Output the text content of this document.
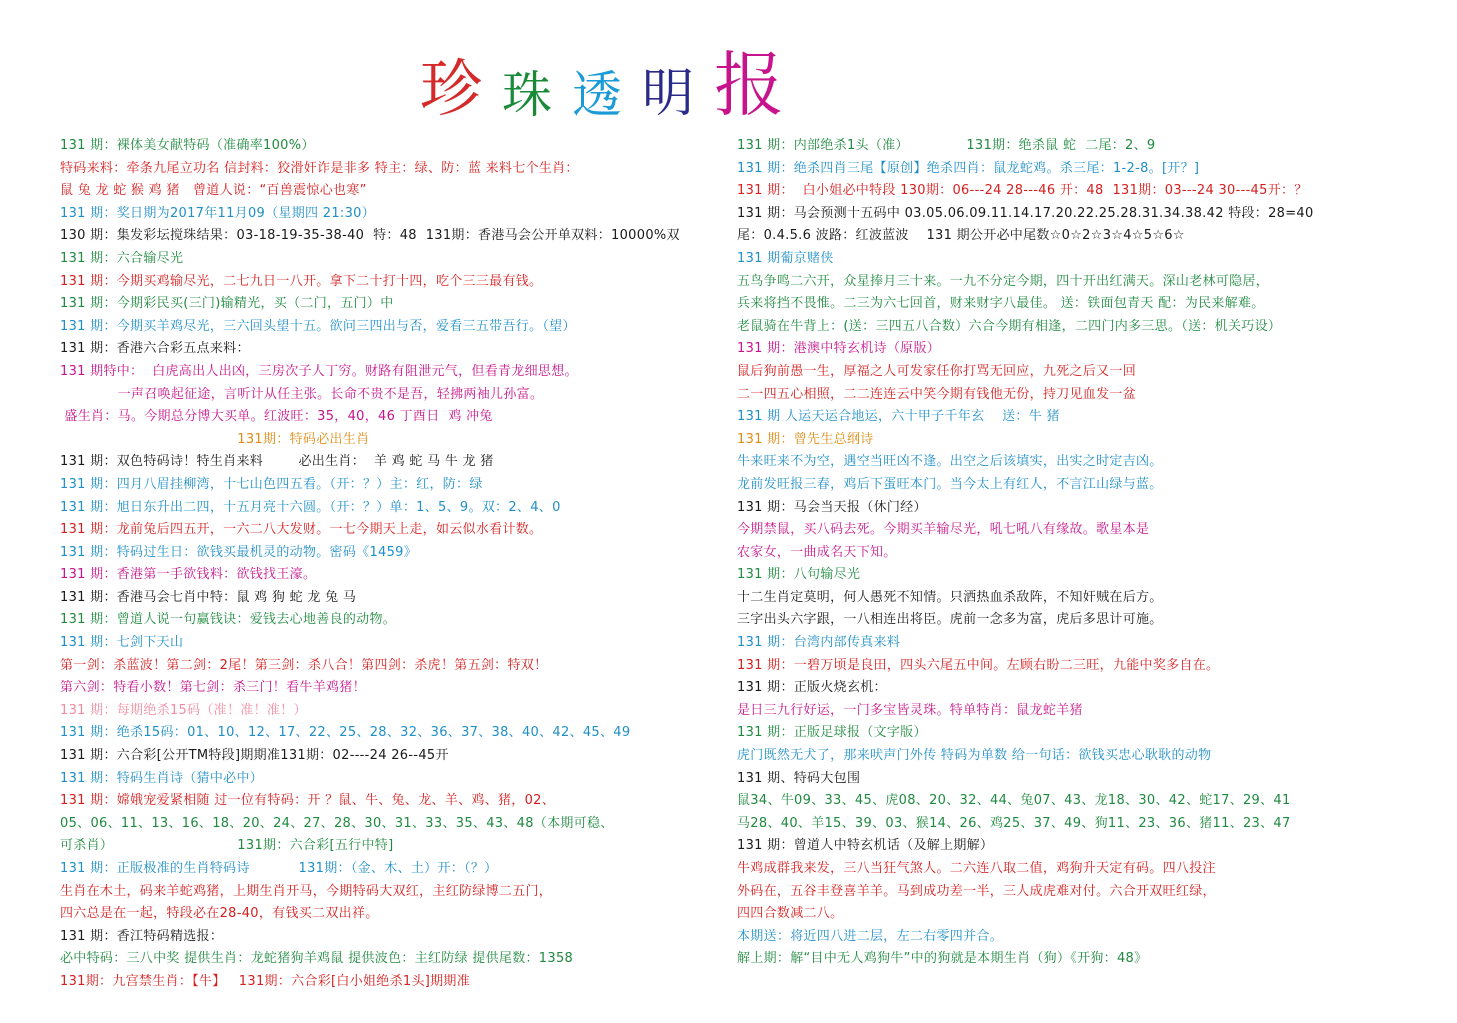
珍 珠 透 明 报
131 期：裸体美女献特码（准确率100%）
特码来料：牵条九尾立功名 信封料：狡滑奸诈是非多 特主：绿、防：蓝 来料七个生肖：
鼠 兔 龙 蛇 猴 鸡 猪   曾道人说：“百兽震惊心也寒”
131 期：奖日期为2017年11月09（星期四 21:30）
130 期：集发彩坛搅珠结果：03-18-19-35-38-40  特：48  131期：香港马会公开单双料：10000%双
131 期：六合输尽光
131 期：今期买鸡输尽光，二七九日一八开。拿下二十打十四，吃个三三最有钱。
131 期：今期彩民买(三门)输精光，买（二门，五门）中
131 期：今期买羊鸡尽光，三六回头望十五。欲问三四出与否，爱看三五带吾行。（望）
131 期：香港六合彩五点来料：
131 期特中：  白虎高出人出凶，三房次子人丁穷。财路有阻泄元气，但看青龙细思想。
一声召唤起征途，言听计从任主张。长命不贵不是吾，轻拂两袖儿孙富。
盛生肖：马。今期总分博大买单。红波旺：35，40，46 丁酉日  鸡 冲兔
131期：特码必出生肖
131 期：双色特码诗！特生肖来料        必出生肖：  羊 鸡 蛇 马 牛 龙 猪
131 期：四月八眉挂柳湾，十七山色四五看。（开：？）主：红，防：绿
131 期：旭日东升出二四，十五月亮十六圆。（开：？）单：1、5、9。双：2、4、0
131 期：龙前兔后四五开，一六二八大发财。一七今期天上走，如云似水看计数。
131 期：特码过生日：欲钱买最机灵的动物。密码《1459》
131 期：香港第一手欲钱料：欲钱找王濠。
131 期：香港马会七肖中特：鼠 鸡 狗 蛇 龙 兔 马
131 期：曾道人说一句赢钱诀：爱钱去心地善良的动物。
131 期：七剑下天山
第一剑：杀蓝波！第二剑：2尾！第三剑：杀八合！第四剑：杀虎！第五剑：特双！
第六剑：特看小数！第七剑：杀三门！看牛羊鸡猪！
131 期：每期绝杀15码（准！准！准！）
131 期：绝杀15码：01、10、12、17、22、25、28、32、36、37、38、40、42、45、49
131 期：六合彩[公开TM特段]期期准131期：02----24 26--45开
131 期：特码生肖诗（猜中必中）
131 期：嫦娥宠爱紧相随 过一位有特码：开 ？鼠、牛、兔、龙、羊、鸡、猪，02、
05、06、11、13、16、18、20、24、27、28、30、31、33、35、43、48（本期可稳、
可杀肖）                            131期：六合彩[五行中特]
131 期：正版极准的生肖特码诗           131期：（金、木、土）开：（？）
生肖在木土，码来羊蛇鸡猪，上期生肖开马，今期特码大双红，主红防绿博二五门，
四六总是在一起，特段必在28-40，有钱买二双出祥。
131 期：香江特码精选报：
必中特码：三八中奖 提供生肖：龙蛇猪狗羊鸡鼠 提供波色：主红防绿 提供尾数：1358
131期：九宫禁生肖：【牛】   131期：六合彩[白小姐绝杀1头]期期准
131 期：内部绝杀1头（准）             131期：绝杀鼠 蛇  二尾：2、9
131 期：绝杀四肖三尾【原创】绝杀四肖：鼠龙蛇鸡。杀三尾：1-2-8。[开？]
131 期：  白小姐必中特段 130期：06---24 28---46 开：48  131期：03---24 30---45开：？
131 期：马会预测十五码中 03.05.06.09.11.14.17.20.22.25.28.31.34.38.42 特段：28=40
尾：0.4.5.6 波路：红波蓝波    131 期公开必中尾数☆0☆2☆3☆4☆5☆6☆
131 期葡京赌侠
五鸟争鸣二六开，众星捧月三十来。一九不分定今期，四十开出红满天。深山老林可隐居，
兵来将挡不畏惟。二三为六七回首，财来财字八最佳。 送：铁面包青天 配：为民来解难。
老鼠骑在牛背上：(送：三四五八合数）六合今期有相逢，二四门内多三思。（送：机关巧设）
131 期：港澳中特玄机诗（原版）
鼠后狗前愚一生，厚福之人可发家任你打骂无回应，九死之后又一回
二一四五心相照，二二连连云中笑今期有钱他无份，持刀见血发一盆
131 期 人运天运合地运，六十甲子千年玄    送：牛 猪
131 期：曾先生总纲诗
牛来旺来不为空，遇空当旺凶不逢。出空之后该填实，出实之时定吉凶。
龙前发旺报三春，鸡后下蛋旺本门。当今太上有红人，不言江山绿与蓝。
131 期：马会当天报（休门经）
今期禁鼠，买八码去死。今期买羊输尽光，吼七吼八有缘故。歌星本是
农家女，一曲成名天下知。
131 期：八句输尽光
十二生肖定莫明，何人愚死不知情。只洒热血杀敌阵，不知奸贼在后方。
三字出头六字跟，一八相连出将臣。虎前一念多为富，虎后多思计可施。
131 期：台湾内部传真来料
131 期：一碧万顷是良田，四头六尾五中间。左顾右盼二三旺，九能中奖多自在。
131 期：正版火烧玄机：
是日三九行好运，一门多宝皆灵珠。特单特肖：鼠龙蛇羊猪
131 期：正版足球报（文字版）
虎门既然无犬了，那来吠声门外传 特码为单数 给一句话：欲钱买忠心耿耿的动物
131 期、特码大包围
鼠34、牛09、33、45、虎08、20、32、44、兔07、43、龙18、30、42、蛇17、29、41
马28、40、羊15、39、03、猴14、26、鸡25、37、49、狗11、23、36、猪11、23、47
131 期：曾道人中特玄机话（及解上期解）
牛鸡成群我来发，三八当狂气煞人。二六连八取二值，鸡狗升天定有码。四八投注
外码在，五谷丰登喜羊羊。马到成功差一半，三人成虎难对付。六合开双旺红绿，
四四合数减二八。
本期送：将近四八进二层，左二右零四并合。
解上期：解“目中无人鸡狗牛”中的狗就是本期生肖（狗）《开狗：48》
